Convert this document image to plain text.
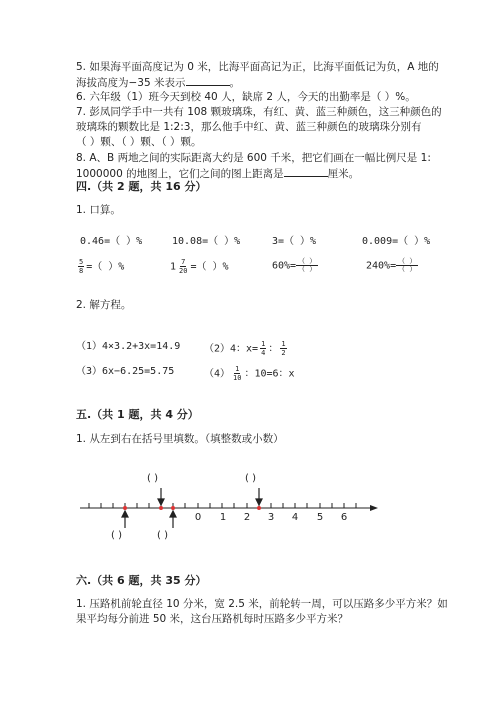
5. 如果海平面高度记为 0 米，比海平面高记为正，比海平面低记为负，A 地的
海拔高度为−35 米表示	。
6. 六年级（1）班今天到校 40 人，缺席 2 人，今天的出勤率是（ ）%。
7. 彭凤同学手中一共有 108 颗玻璃珠，有红、黄、蓝三种颜色，这三种颜色的
玻璃珠的颗数比是 1:2:3，那么他手中红、黄、蓝三种颜色的玻璃珠分别有
（ ）颗、（ ）颗、（ ）颗。
8. A、B 两地之间的实际距离大约是 600 千米，把它们画在一幅比例尺是 1:
1000000 的地图上，它们之间的图上距离是	厘米。
四.（共 2 题，共 16 分）
1. 口算。
0.46=（ ）%	10.08=（ ）%	3=（ ）%	0.009=（ ）%
$\frac{5}{8}$ =（ ）%	$1 \frac{7}{20}$ =（ ）%	$60\%= \frac{( )}{( )}$	$240\%= \frac{( )}{( )}$
2. 解方程。
（1）4×3.2+3x=14.9 （2）4：$x= \frac{1}{4}$ ： $\frac{1}{2}$
（3）6x−6.25=5.75	$(4) \frac{1}{10}$ ：10=6：x
五.（共 1 题，共 4 分）
1. 从左到右在括号里填数。（填整数或小数）
0	1	2	3	4	5	6
( )	( )
( )	( )
六.（共 6 题，共 35 分）
1. 压路机前轮直径 10 分米，宽 2.5 米，前轮转一周，可以压路多少平方米？如
果平均每分前进 50 米，这台压路机每时压路多少平方米？
